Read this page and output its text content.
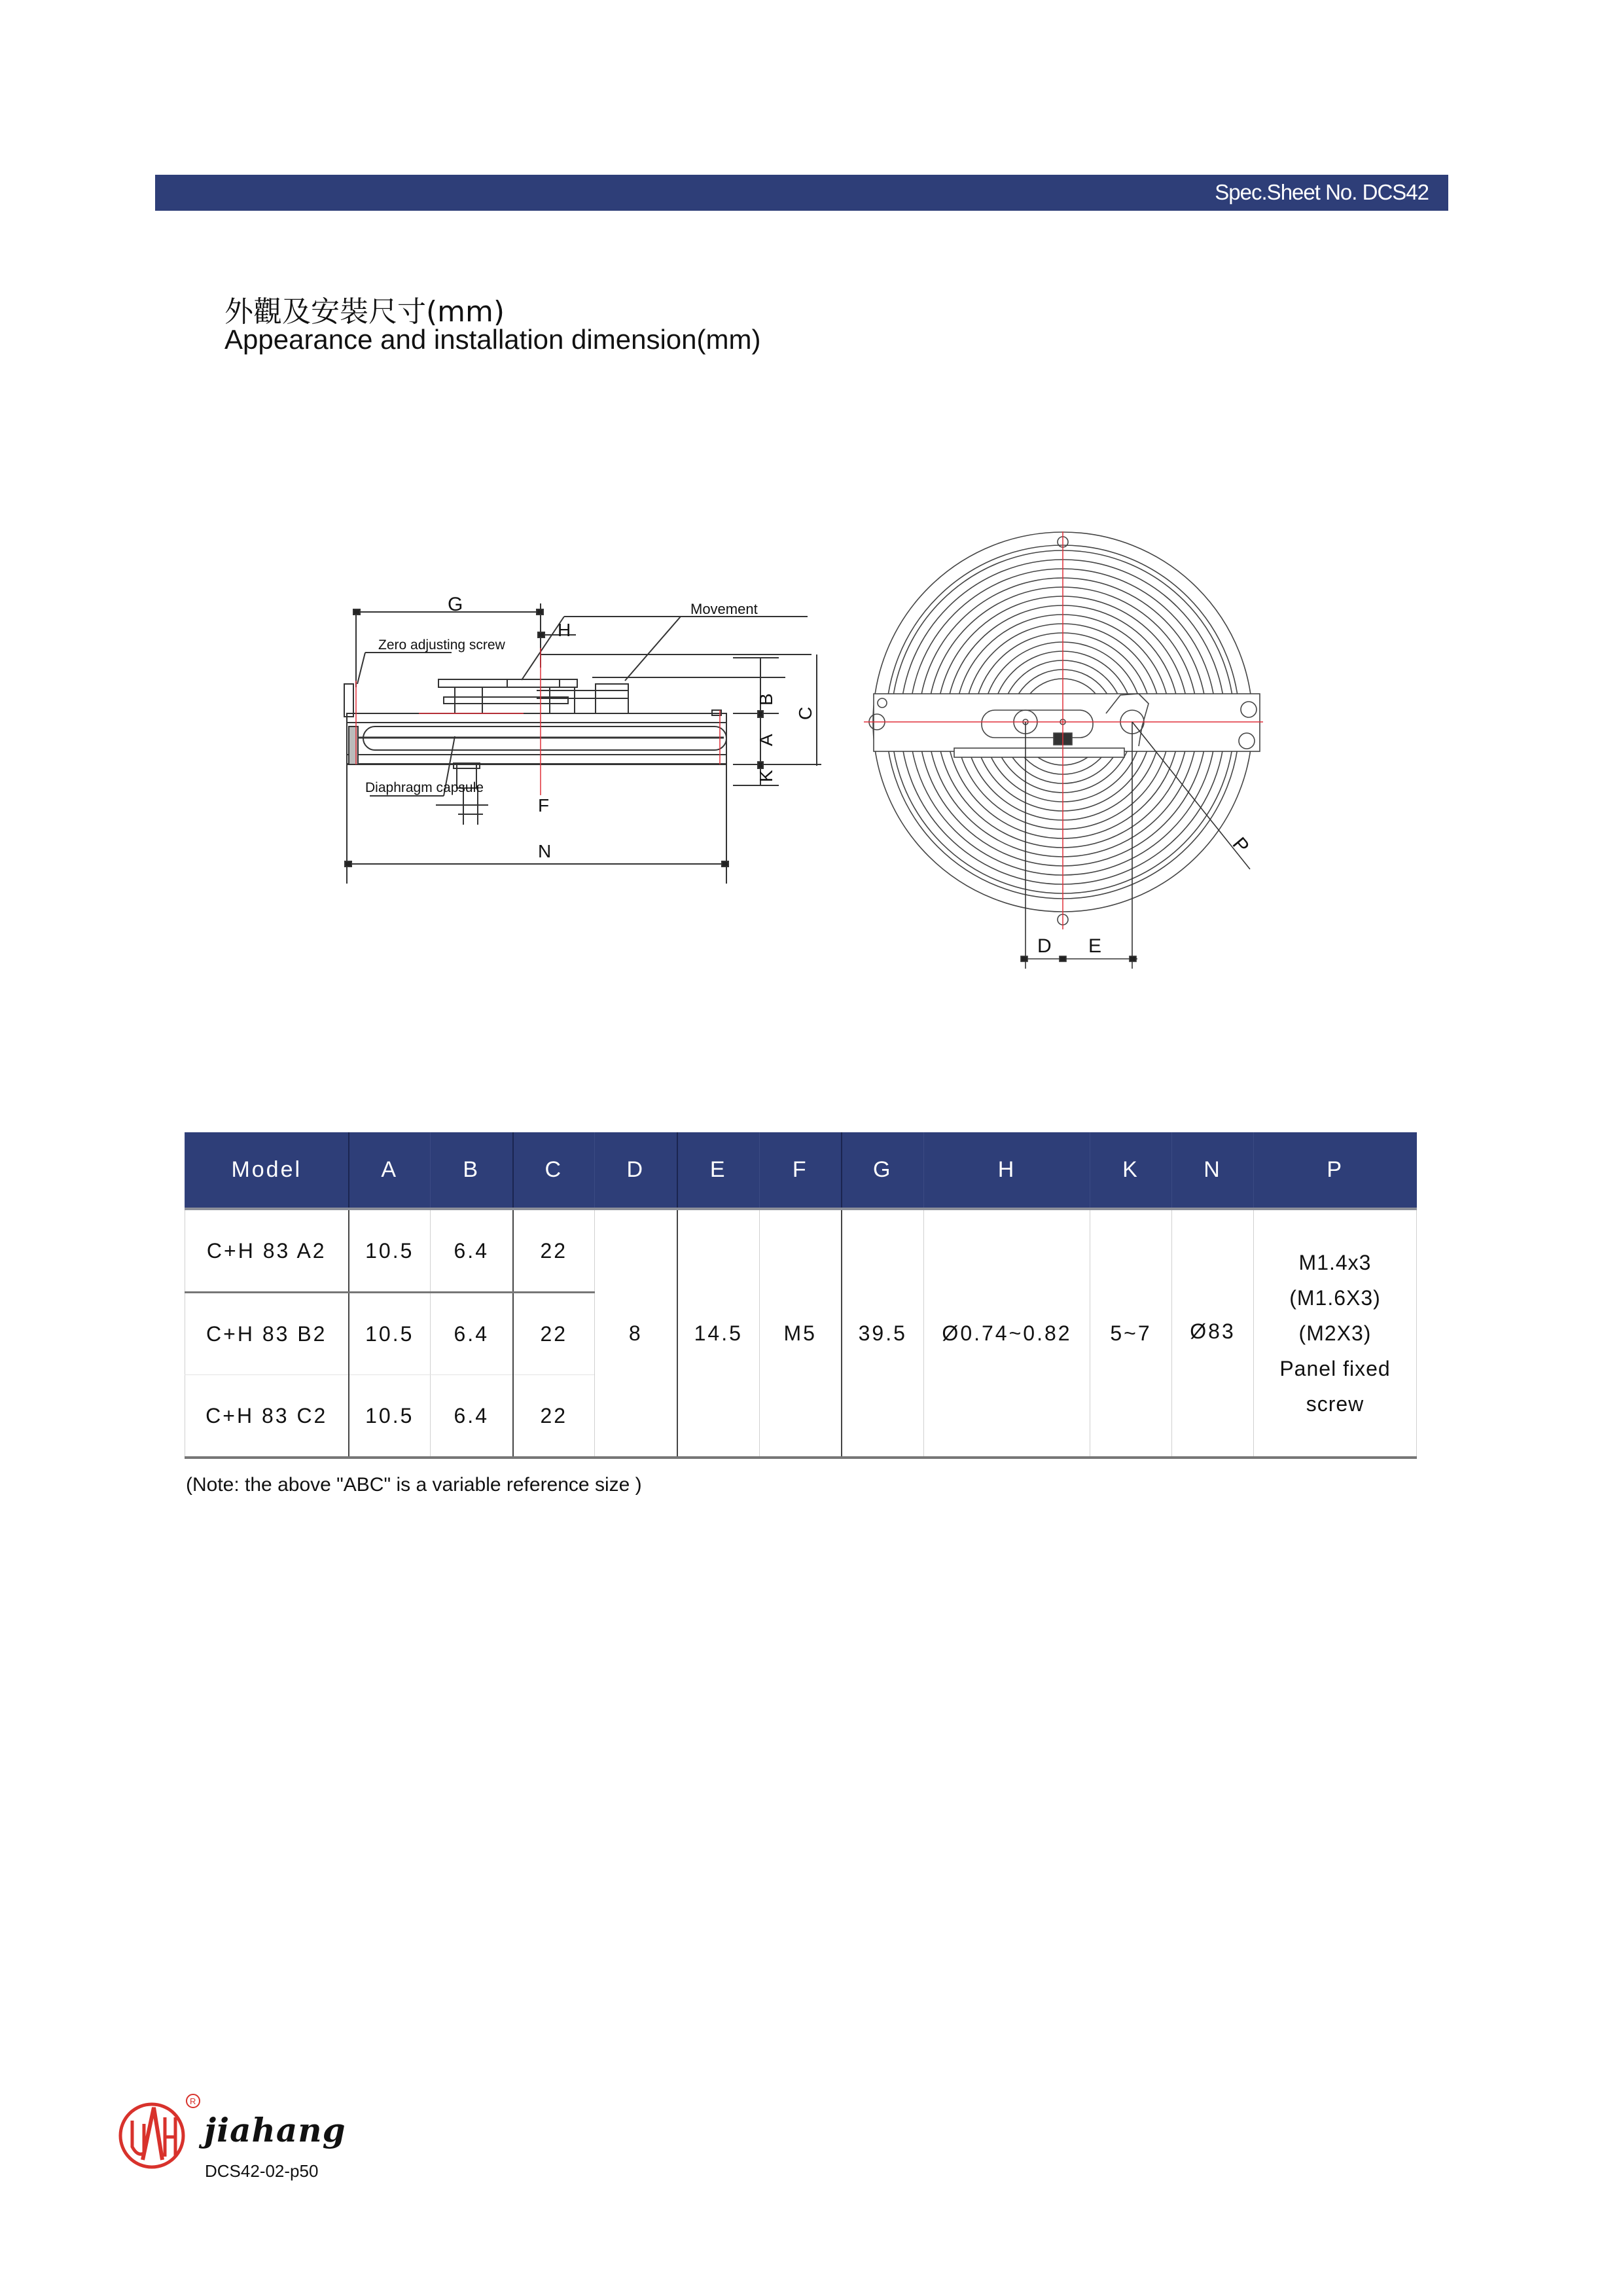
Spec.Sheet No. DCS42
外觀及安裝尺寸(mm)
Appearance and installation dimension(mm)
G
H
Movement
Zero adjusting screw
Diaphragm capsule
F
N
B
A
K
C
D E
P
Model	A	B	C	D	E	F	G	H	K	N	P
C+H 83 A2	10.5	6.4	22	8	14.5	M5	39.5	Ø0.74~0.82	5~7	Ø83	M1.4x3
(M1.6X3)
(M2X3)
Panel fixed
screw

C+H 83 B2	10.5	6.4	22								
C+H 83 C2	10.5	6.4	22								
(Note: the above "ABC" is a variable reference size )
R
jiahang
DCS42-02-p50
